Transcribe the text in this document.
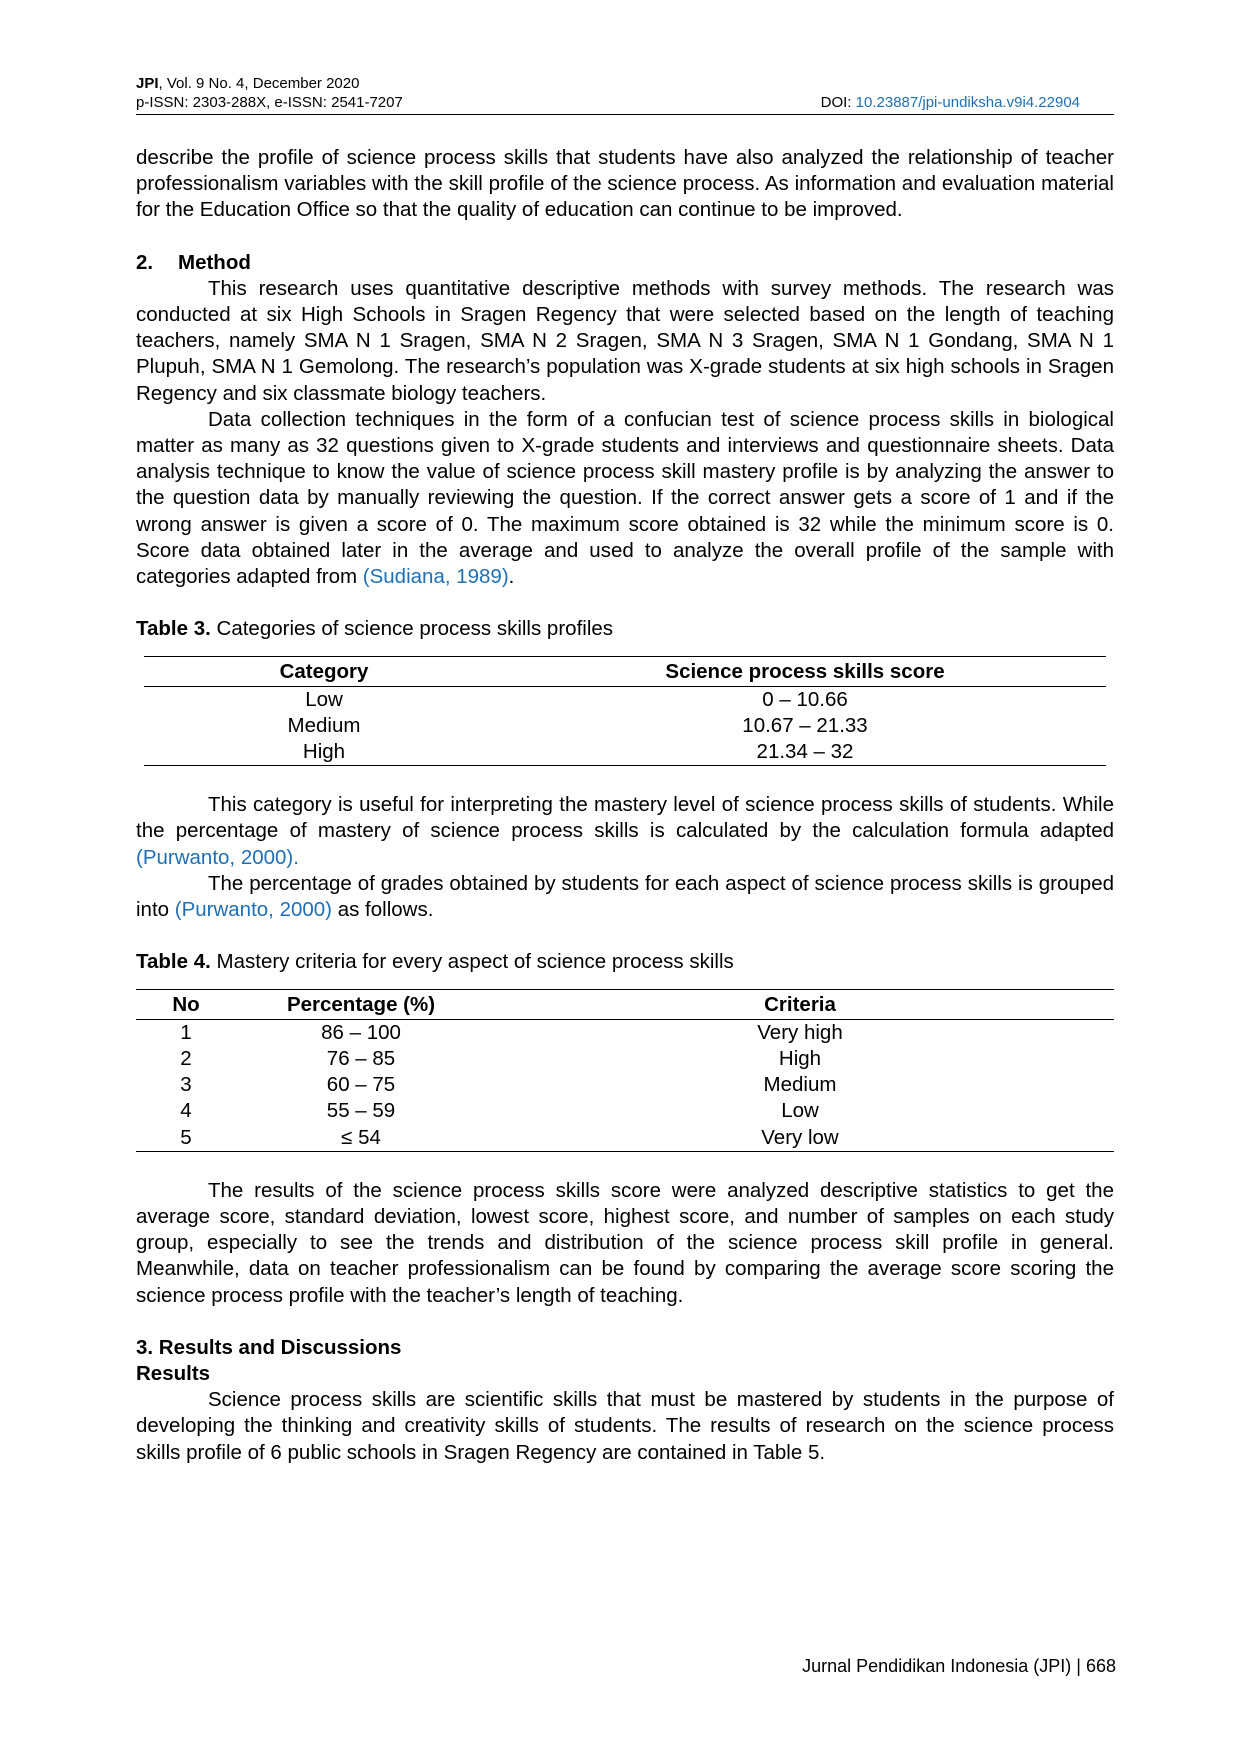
JPI, Vol. 9 No. 4, December 2020
p-ISSN: 2303-288X, e-ISSN: 2541-7207	DOI: 10.23887/jpi-undiksha.v9i4.22904

describe the profile of science process skills that students have also analyzed the relationship of teacher professionalism variables with the skill profile of the science process. As information and evaluation material for the Education Office so that the quality of education can continue to be improved.

2. Method

This research uses quantitative descriptive methods with survey methods. The research was conducted at six High Schools in Sragen Regency that were selected based on the length of teaching teachers, namely SMA N 1 Sragen, SMA N 2 Sragen, SMA N 3 Sragen, SMA N 1 Gondang, SMA N 1 Plupuh, SMA N 1 Gemolong. The research’s population was X-grade students at six high schools in Sragen Regency and six classmate biology teachers.

Data collection techniques in the form of a confucian test of science process skills in biological matter as many as 32 questions given to X-grade students and interviews and questionnaire sheets. Data analysis technique to know the value of science process skill mastery profile is by analyzing the answer to the question data by manually reviewing the question. If the correct answer gets a score of 1 and if the wrong answer is given a score of 0. The maximum score obtained is 32 while the minimum score is 0. Score data obtained later in the average and used to analyze the overall profile of the sample with categories adapted from (Sudiana, 1989).

Table 3. Categories of science process skills profiles

Category	Science process skills score
Low	0 – 10.66
Medium	10.67 – 21.33
High	21.34 – 32

This category is useful for interpreting the mastery level of science process skills of students. While the percentage of mastery of science process skills is calculated by the calculation formula adapted (Purwanto, 2000).

The percentage of grades obtained by students for each aspect of science process skills is grouped into (Purwanto, 2000) as follows.

Table 4. Mastery criteria for every aspect of science process skills

No	Percentage (%)	Criteria
1	86 – 100	Very high
2	76 – 85	High
3	60 – 75	Medium
4	55 – 59	Low
5	≤ 54	Very low

The results of the science process skills score were analyzed descriptive statistics to get the average score, standard deviation, lowest score, highest score, and number of samples on each study group, especially to see the trends and distribution of the science process skill profile in general. Meanwhile, data on teacher professionalism can be found by comparing the average score scoring the science process profile with the teacher’s length of teaching.

3. Results and Discussions
Results

Science process skills are scientific skills that must be mastered by students in the purpose of developing the thinking and creativity skills of students. The results of research on the science process skills profile of 6 public schools in Sragen Regency are contained in Table 5.

Jurnal Pendidikan Indonesia (JPI) | 668
